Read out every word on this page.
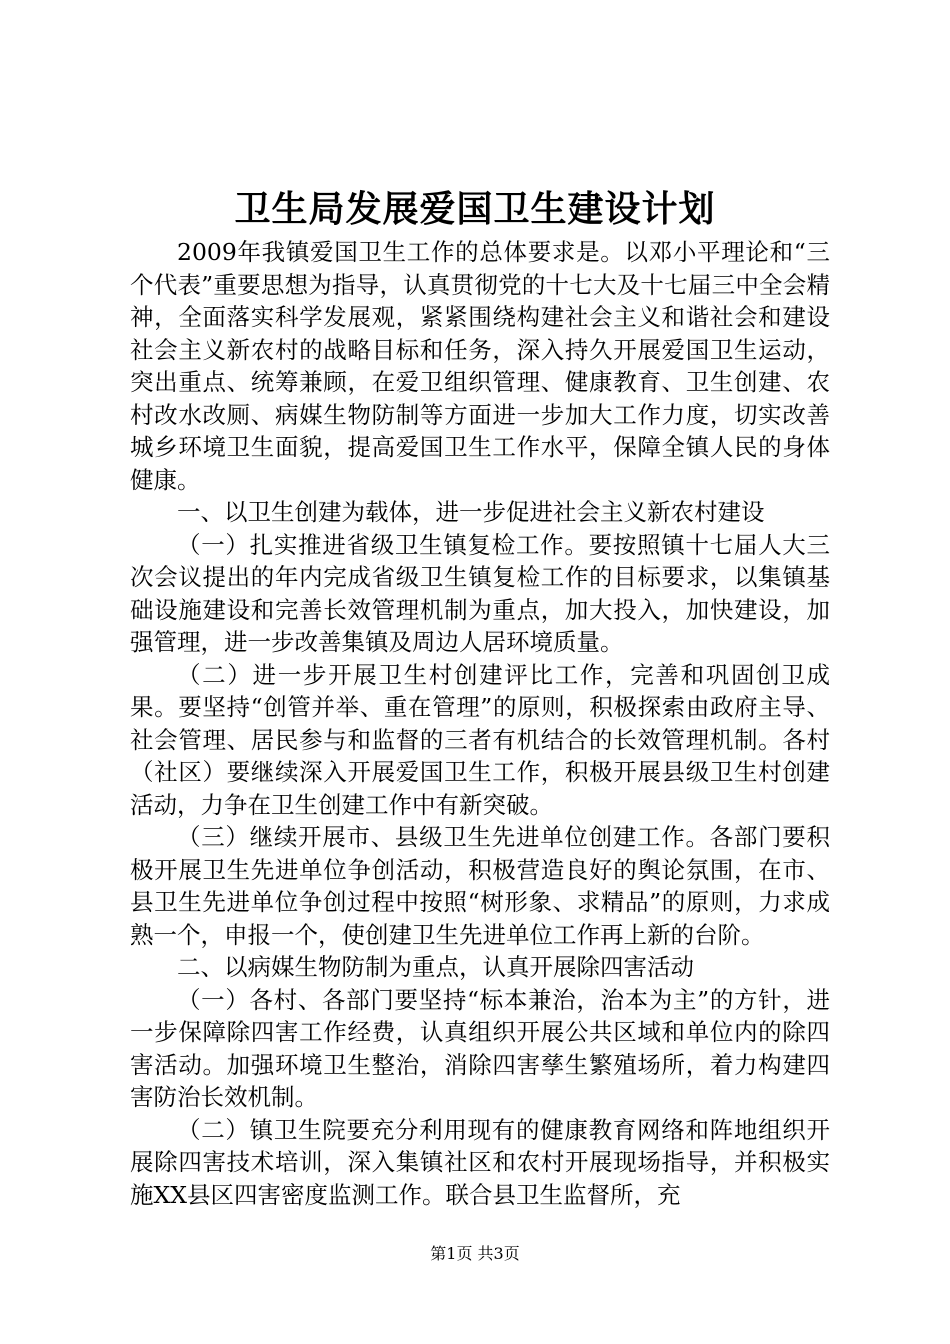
卫生局发展爱国卫生建设计划

2009年我镇爱国卫生工作的总体要求是。以邓小平理论和“三个代表”重要思想为指导，认真贯彻党的十七大及十七届三中全会精神，全面落实科学发展观，紧紧围绕构建社会主义和谐社会和建设社会主义新农村的战略目标和任务，深入持久开展爱国卫生运动，突出重点、统筹兼顾，在爱卫组织管理、健康教育、卫生创建、农村改水改厕、病媒生物防制等方面进一步加大工作力度，切实改善城乡环境卫生面貌，提高爱国卫生工作水平，保障全镇人民的身体健康。

一、以卫生创建为载体，进一步促进社会主义新农村建设

（一）扎实推进省级卫生镇复检工作。要按照镇十七届人大三次会议提出的年内完成省级卫生镇复检工作的目标要求，以集镇基础设施建设和完善长效管理机制为重点，加大投入，加快建设，加强管理，进一步改善集镇及周边人居环境质量。

（二）进一步开展卫生村创建评比工作，完善和巩固创卫成果。要坚持“创管并举、重在管理”的原则，积极探索由政府主导、社会管理、居民参与和监督的三者有机结合的长效管理机制。各村（社区）要继续深入开展爱国卫生工作，积极开展县级卫生村创建活动，力争在卫生创建工作中有新突破。

（三）继续开展市、县级卫生先进单位创建工作。各部门要积极开展卫生先进单位争创活动，积极营造良好的舆论氛围，在市、县卫生先进单位争创过程中按照“树形象、求精品”的原则，力求成熟一个，申报一个，使创建卫生先进单位工作再上新的台阶。

二、以病媒生物防制为重点，认真开展除四害活动

（一）各村、各部门要坚持“标本兼治，治本为主”的方针，进一步保障除四害工作经费，认真组织开展公共区域和单位内的除四害活动。加强环境卫生整治，消除四害孳生繁殖场所，着力构建四害防治长效机制。

（二）镇卫生院要充分利用现有的健康教育网络和阵地组织开展除四害技术培训，深入集镇社区和农村开展现场指导，并积极实施XX县区四害密度监测工作。联合县卫生监督所，充

第1页 共3页
